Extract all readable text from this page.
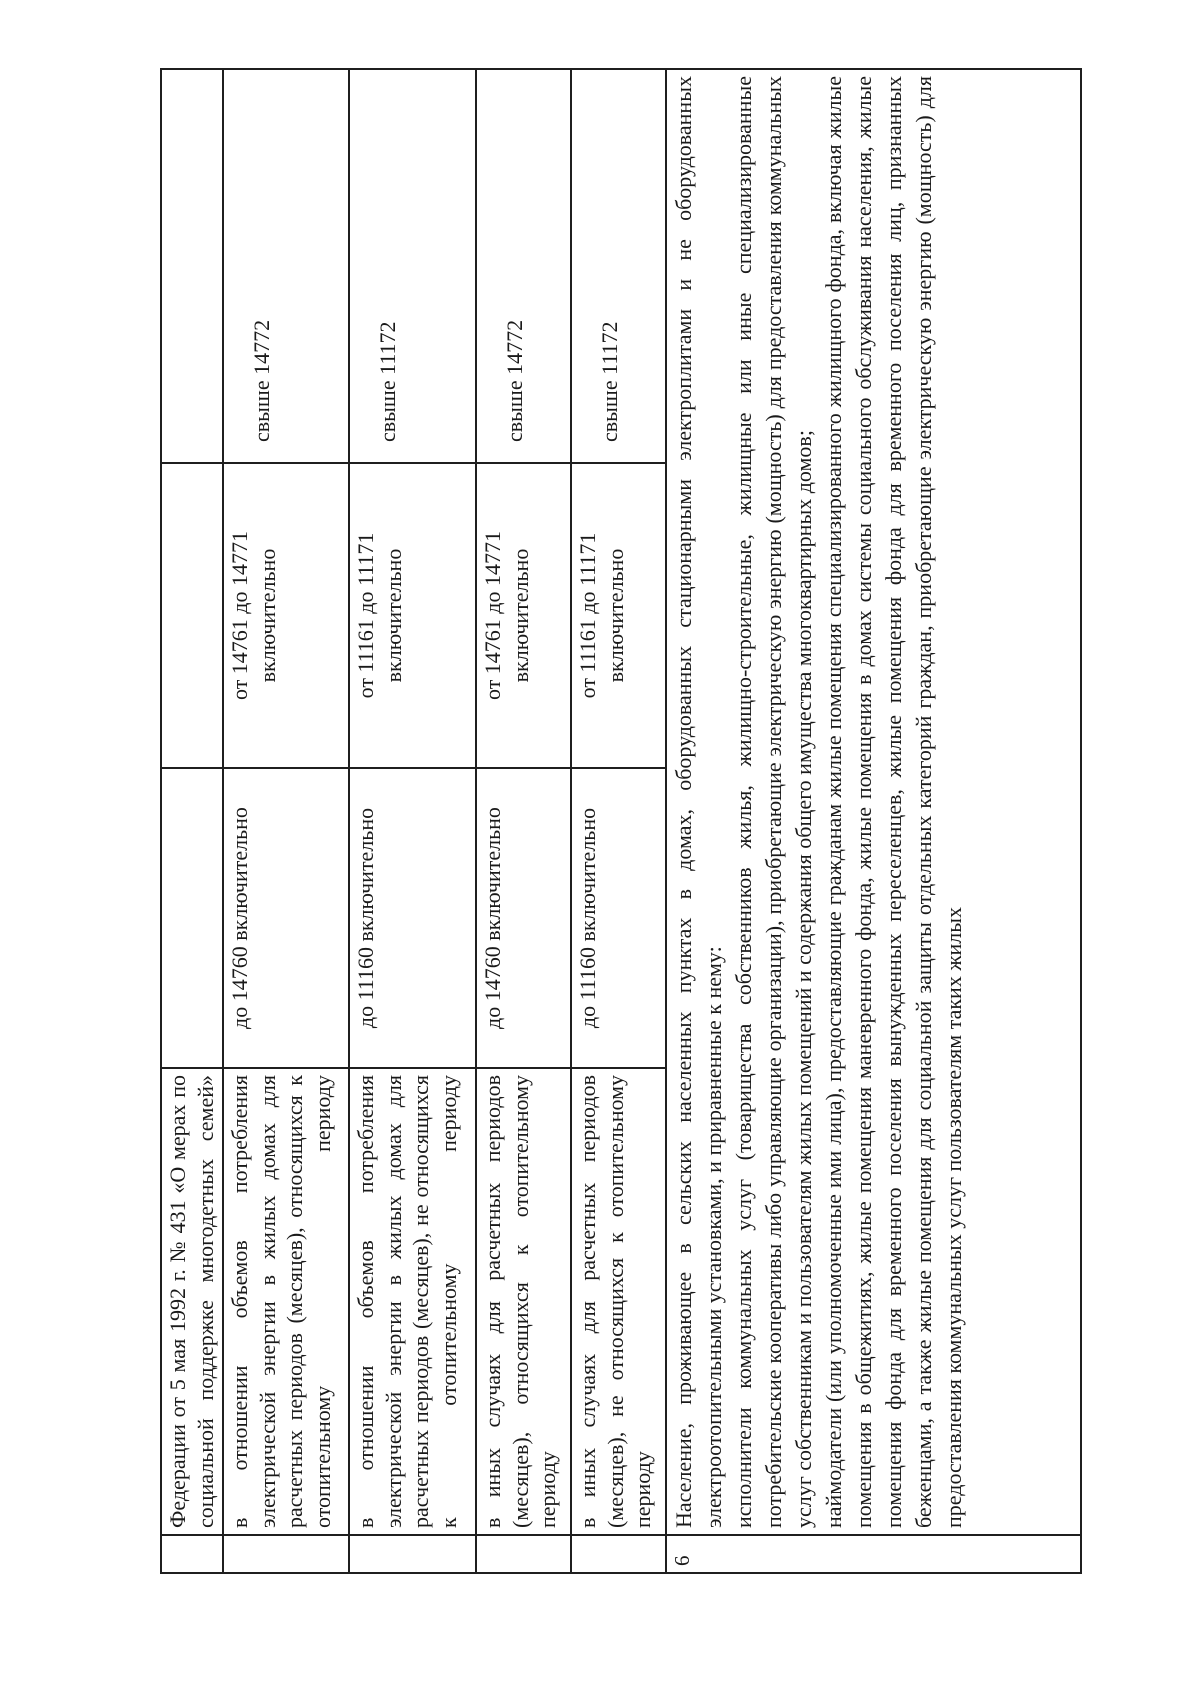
	Федерации от 5 мая 1992 г. № 431 «О мерах по социальной поддержке многодетных семей»			
	в отношении объемов потребления электрической энергии в жилых домах для расчетных периодов (месяцев), относящихся к отопительному периоду	до 14760 включительно	от 14761 до 14771 включительно	свыше 14772
	в отношении объемов потребления электрической энергии в жилых домах для расчетных периодов (месяцев), не относящихся к отопительному периоду	до 11160 включительно	от 11161 до 11171 включительно	свыше 11172
	в иных случаях для расчетных периодов (месяцев), относящихся к отопительному периоду	до 14760 включительно	от 14761 до 14771 включительно	свыше 14772
	в иных случаях для расчетных периодов (месяцев), не относящихся к отопительному периоду	до 11160 включительно	от 11161 до 11171 включительно	свыше 11172
6	Население, проживающее в сельских населенных пунктах в домах, оборудованных стационарными электроплитами и не оборудованных электроотопительными установками, и приравненные к нему: исполнители коммунальных услуг (товарищества собственников жилья, жилищно-строительные, жилищные или иные специализированные потребительские кооперативы либо управляющие организации), приобретающие электрическую энергию (мощность) для предоставления коммунальных услуг собственникам и пользователям жилых помещений и содержания общего имущества многоквартирных домов; наймодатели (или уполномоченные ими лица), предоставляющие гражданам жилые помещения специализированного жилищного фонда, включая жилые помещения в общежитиях, жилые помещения маневренного фонда, жилые помещения в домах системы социального обслуживания населения, жилые помещения фонда для временного поселения вынужденных переселенцев, жилые помещения фонда для временного поселения лиц, признанных беженцами, а также жилые помещения для социальной защиты отдельных категорий граждан, приобретающие электрическую энергию (мощность) для предоставления коммунальных услуг пользователям таких жилых			
